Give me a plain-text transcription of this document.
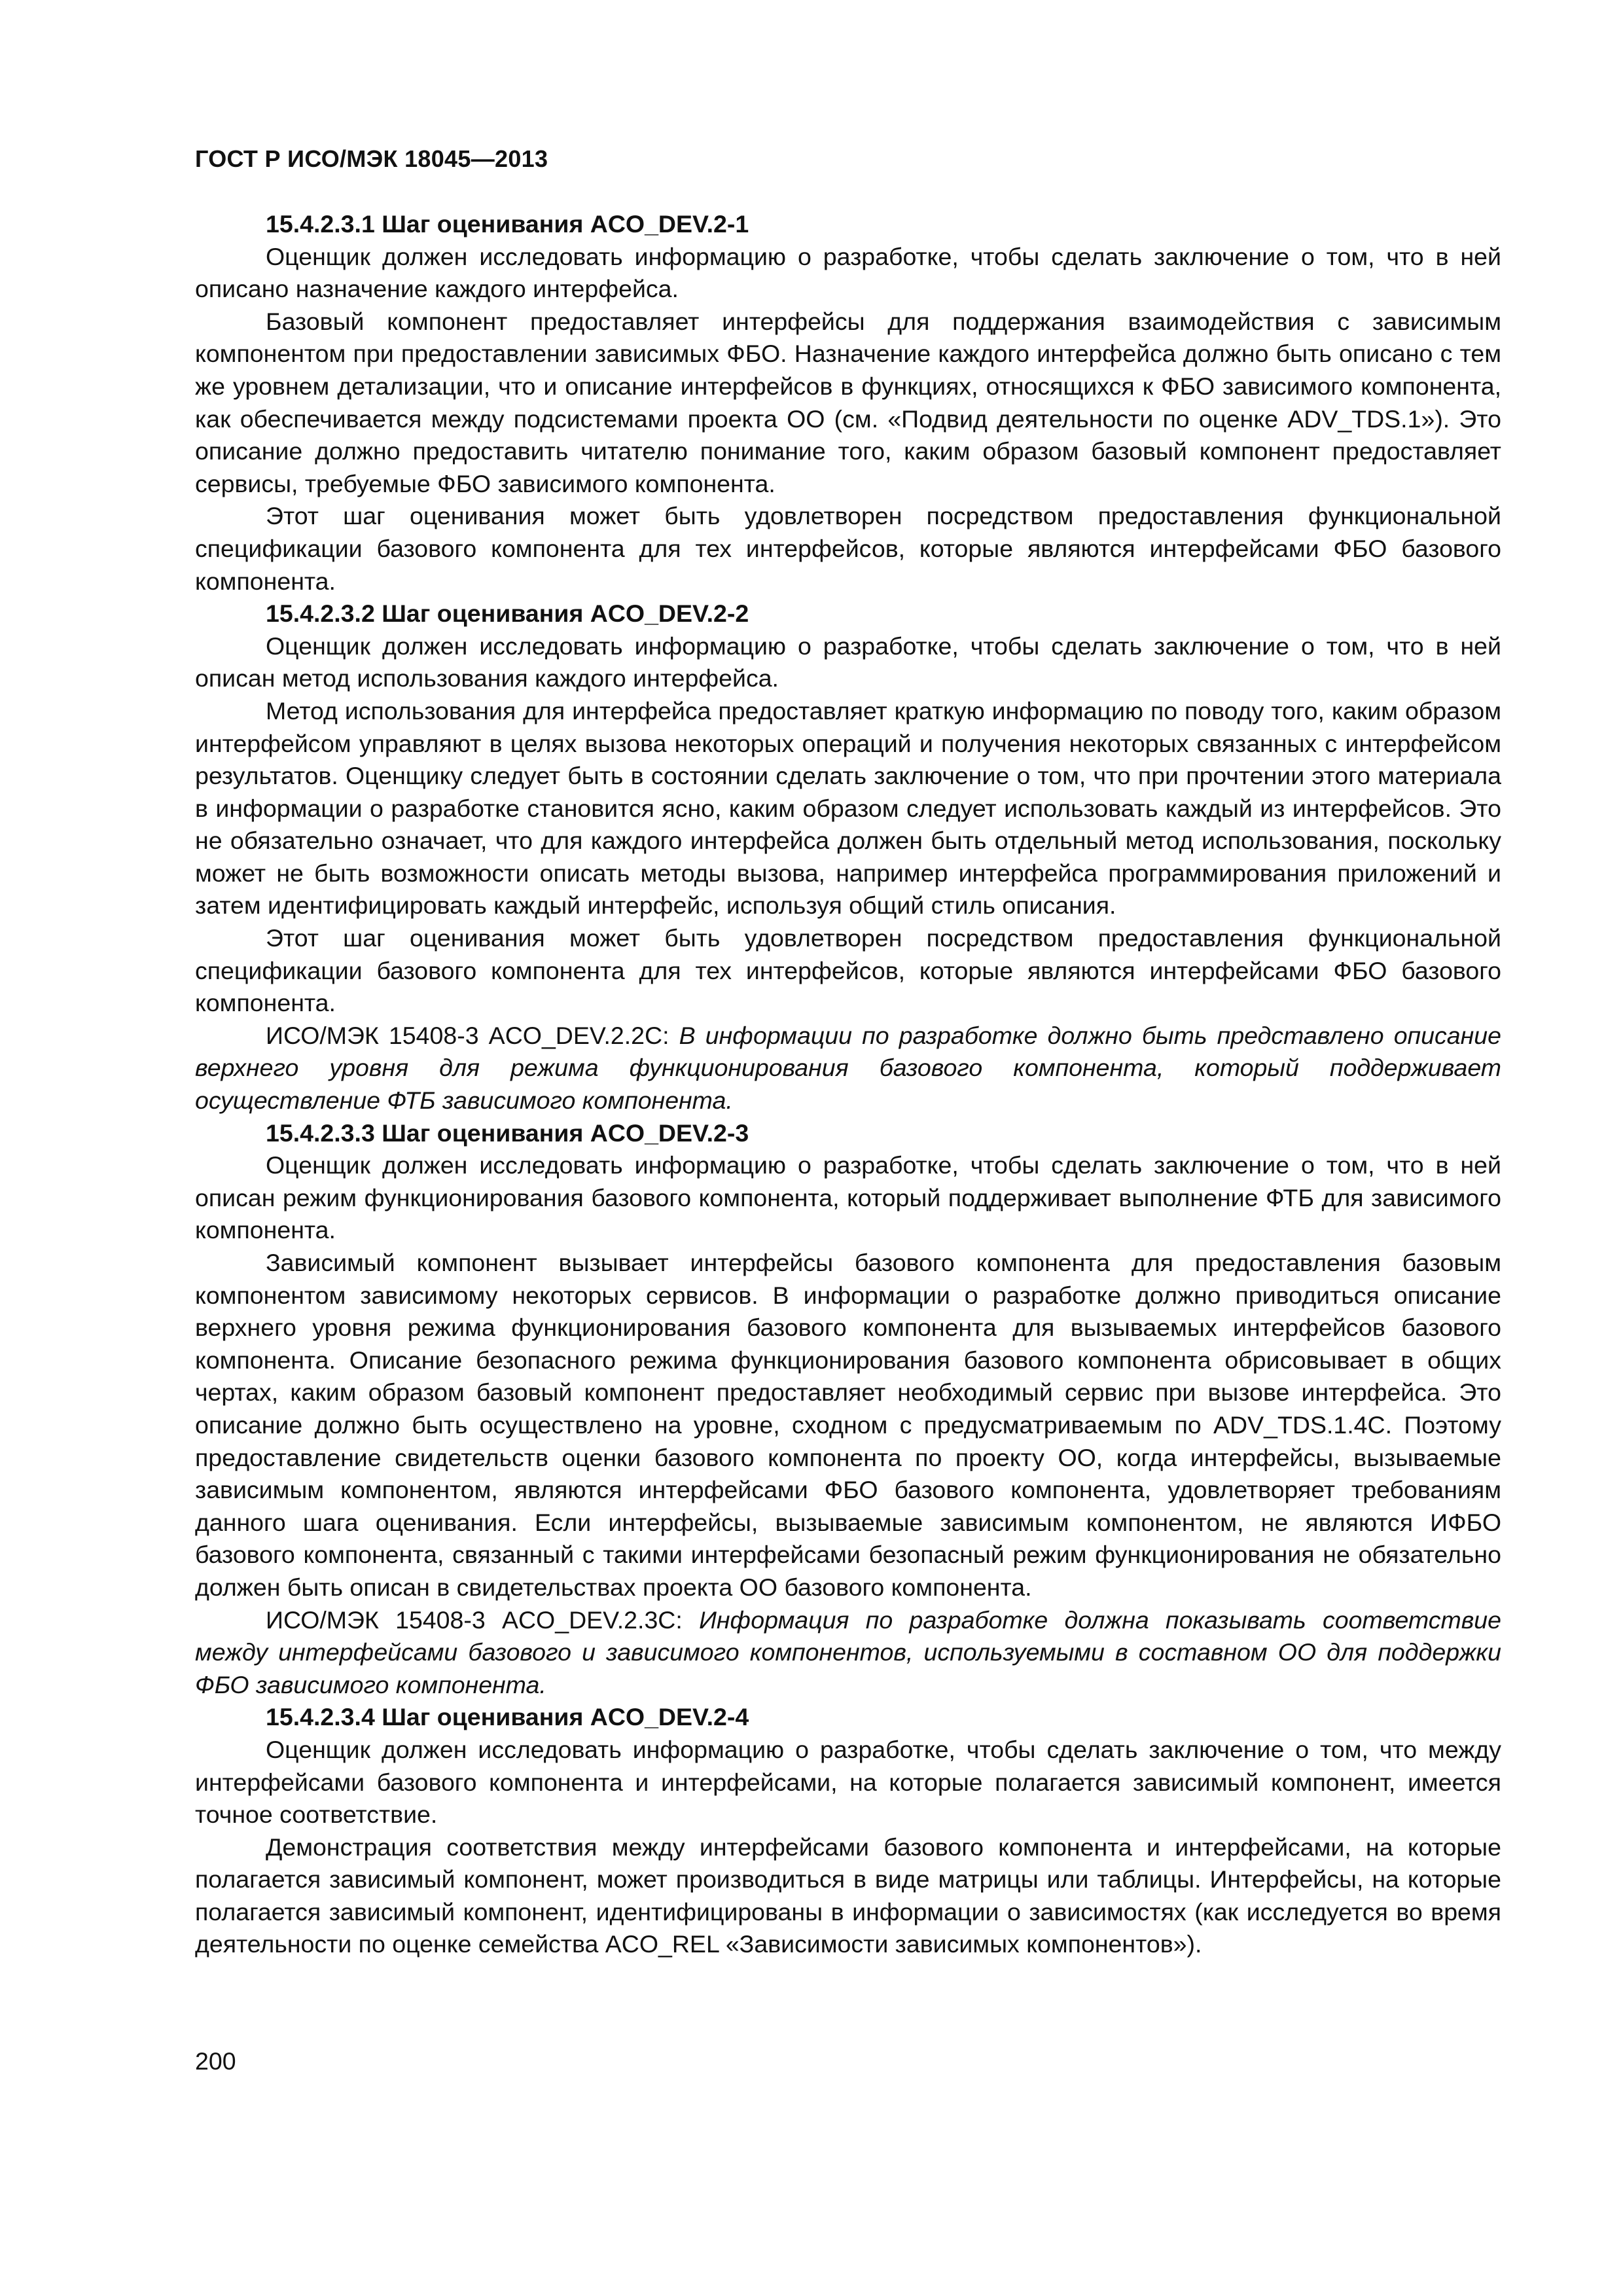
ГОСТ Р ИСО/МЭК 18045—2013

15.4.2.3.1 Шаг оценивания ACO_DEV.2-1

Оценщик должен исследовать информацию о разработке, чтобы сделать заключение о том, что в ней описано назначение каждого интерфейса.

Базовый компонент предоставляет интерфейсы для поддержания взаимодействия с зависимым компонентом при предоставлении зависимых ФБО. Назначение каждого интерфейса должно быть описано с тем же уровнем детализации, что и описание интерфейсов в функциях, относящихся к ФБО зависимого компонента, как обеспечивается между подсистемами проекта ОО (см. «Подвид деятельности по оценке ADV_TDS.1»). Это описание должно предоставить читателю понимание того, каким образом базовый компонент предоставляет сервисы, требуемые ФБО зависимого компонента.

Этот шаг оценивания может быть удовлетворен посредством предоставления функциональной спецификации базового компонента для тех интерфейсов, которые являются интерфейсами ФБО базового компонента.

15.4.2.3.2 Шаг оценивания ACO_DEV.2-2

Оценщик должен исследовать информацию о разработке, чтобы сделать заключение о том, что в ней описан метод использования каждого интерфейса.

Метод использования для интерфейса предоставляет краткую информацию по поводу того, каким образом интерфейсом управляют в целях вызова некоторых операций и получения некоторых связанных с интерфейсом результатов. Оценщику следует быть в состоянии сделать заключение о том, что при прочтении этого материала в информации о разработке становится ясно, каким образом следует использовать каждый из интерфейсов. Это не обязательно означает, что для каждого интерфейса должен быть отдельный метод использования, поскольку может не быть возможности описать методы вызова, например интерфейса программирования приложений и затем идентифицировать каждый интерфейс, используя общий стиль описания.

Этот шаг оценивания может быть удовлетворен посредством предоставления функциональной спецификации базового компонента для тех интерфейсов, которые являются интерфейсами ФБО базового компонента.

ИСО/МЭК 15408-3 ACO_DEV.2.2С: В информации по разработке должно быть представлено описание верхнего уровня для режима функционирования базового компонента, который поддерживает осуществление ФТБ зависимого компонента.

15.4.2.3.3 Шаг оценивания ACO_DEV.2-3

Оценщик должен исследовать информацию о разработке, чтобы сделать заключение о том, что в ней описан режим функционирования базового компонента, который поддерживает выполнение ФТБ для зависимого компонента.

Зависимый компонент вызывает интерфейсы базового компонента для предоставления базовым компонентом зависимому некоторых сервисов. В информации о разработке должно приводиться описание верхнего уровня режима функционирования базового компонента для вызываемых интерфейсов базового компонента. Описание безопасного режима функционирования базового компонента обрисовывает в общих чертах, каким образом базовый компонент предоставляет необходимый сервис при вызове интерфейса. Это описание должно быть осуществлено на уровне, сходном с предусматриваемым по ADV_TDS.1.4С. Поэтому предоставление свидетельств оценки базового компонента по проекту ОО, когда интерфейсы, вызываемые зависимым компонентом, являются интерфейсами ФБО базового компонента, удовлетворяет требованиям данного шага оценивания. Если интерфейсы, вызываемые зависимым компонентом, не являются ИФБО базового компонента, связанный с такими интерфейсами безопасный режим функционирования не обязательно должен быть описан в свидетельствах проекта ОО базового компонента.

ИСО/МЭК 15408-3 ACO_DEV.2.3С: Информация по разработке должна показывать соответствие между интерфейсами базового и зависимого компонентов, используемыми в составном ОО для поддержки ФБО зависимого компонента.

15.4.2.3.4 Шаг оценивания ACO_DEV.2-4

Оценщик должен исследовать информацию о разработке, чтобы сделать заключение о том, что между интерфейсами базового компонента и интерфейсами, на которые полагается зависимый компонент, имеется точное соответствие.

Демонстрация соответствия между интерфейсами базового компонента и интерфейсами, на которые полагается зависимый компонент, может производиться в виде матрицы или таблицы. Интерфейсы, на которые полагается зависимый компонент, идентифицированы в информации о зависимостях (как исследуется во время деятельности по оценке семейства ACO_REL «Зависимости зависимых компонентов»).

200
